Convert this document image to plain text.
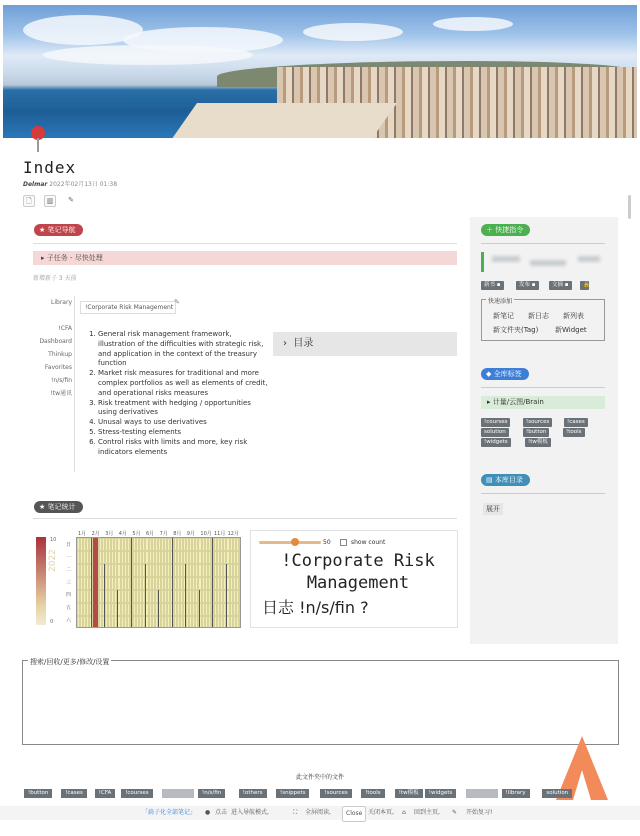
Index
Delmar 2022年02月13日 01:38
🗋	▥	✎
★ 笔记导航
▸ 子任务 - 尽快处理
新增新子 3 天前
Library
!CFA
Dashboard
Thinkup
Favorites
!n/s/fin
!tw通讯
!Corporate Risk Management
✎
1. General risk management framework, illustration of the difficulties with strategic risk, and application in the context of the treasury function
2. Market risk measures for traditional and more complex portfolios as well as elements of credit, and operational risks measures
3. Risk treatment with hedging / opportunities using derivatives
4. Unusal ways to use derivatives
5. Stress-testing elements
6. Control risks with limits and more, key risk indicators elements
› 目录
★ 笔记统计
10
0
2022
日
一
二
三
四
五
六
1月 2月 3月 4月 5月 6月 7月 8月 9月 10月 11月 12月
50	show count
!Corporate Risk Management
日志 !n/s/fin ?
＋ 快捷指令
新书 ▪	发布 ▪	文摘 ▪	🔒
快速添加
新笔记 新日志 新列表
新文件夹(Tag) 新Widget
◆ 全库标签
▸ 计量/云图/Brain
!courses	!sources	!cases
solution	!button	!tools
!widgets	!tw模板
▤ 本库目录
展开
搜索/回收/更多/修改/设置
▸ 高级搜索
▸ 笔记回收
▸ 超级修改
▸ 更多设置
▸ 默认字段
▸ 全局设置
此文件夹中的文件
!button	!cases	!CFA	!courses	!n/s/fin	!others	!snippets	!sources	!tools	!tw模板	!widgets	!library	solution
「扁子化全部笔记」 ● 点击 进入导航模式,	⛶ 全屏阅读,	Close 关闭本页, ⌂ 回到主页, ✎ 开始复习!
